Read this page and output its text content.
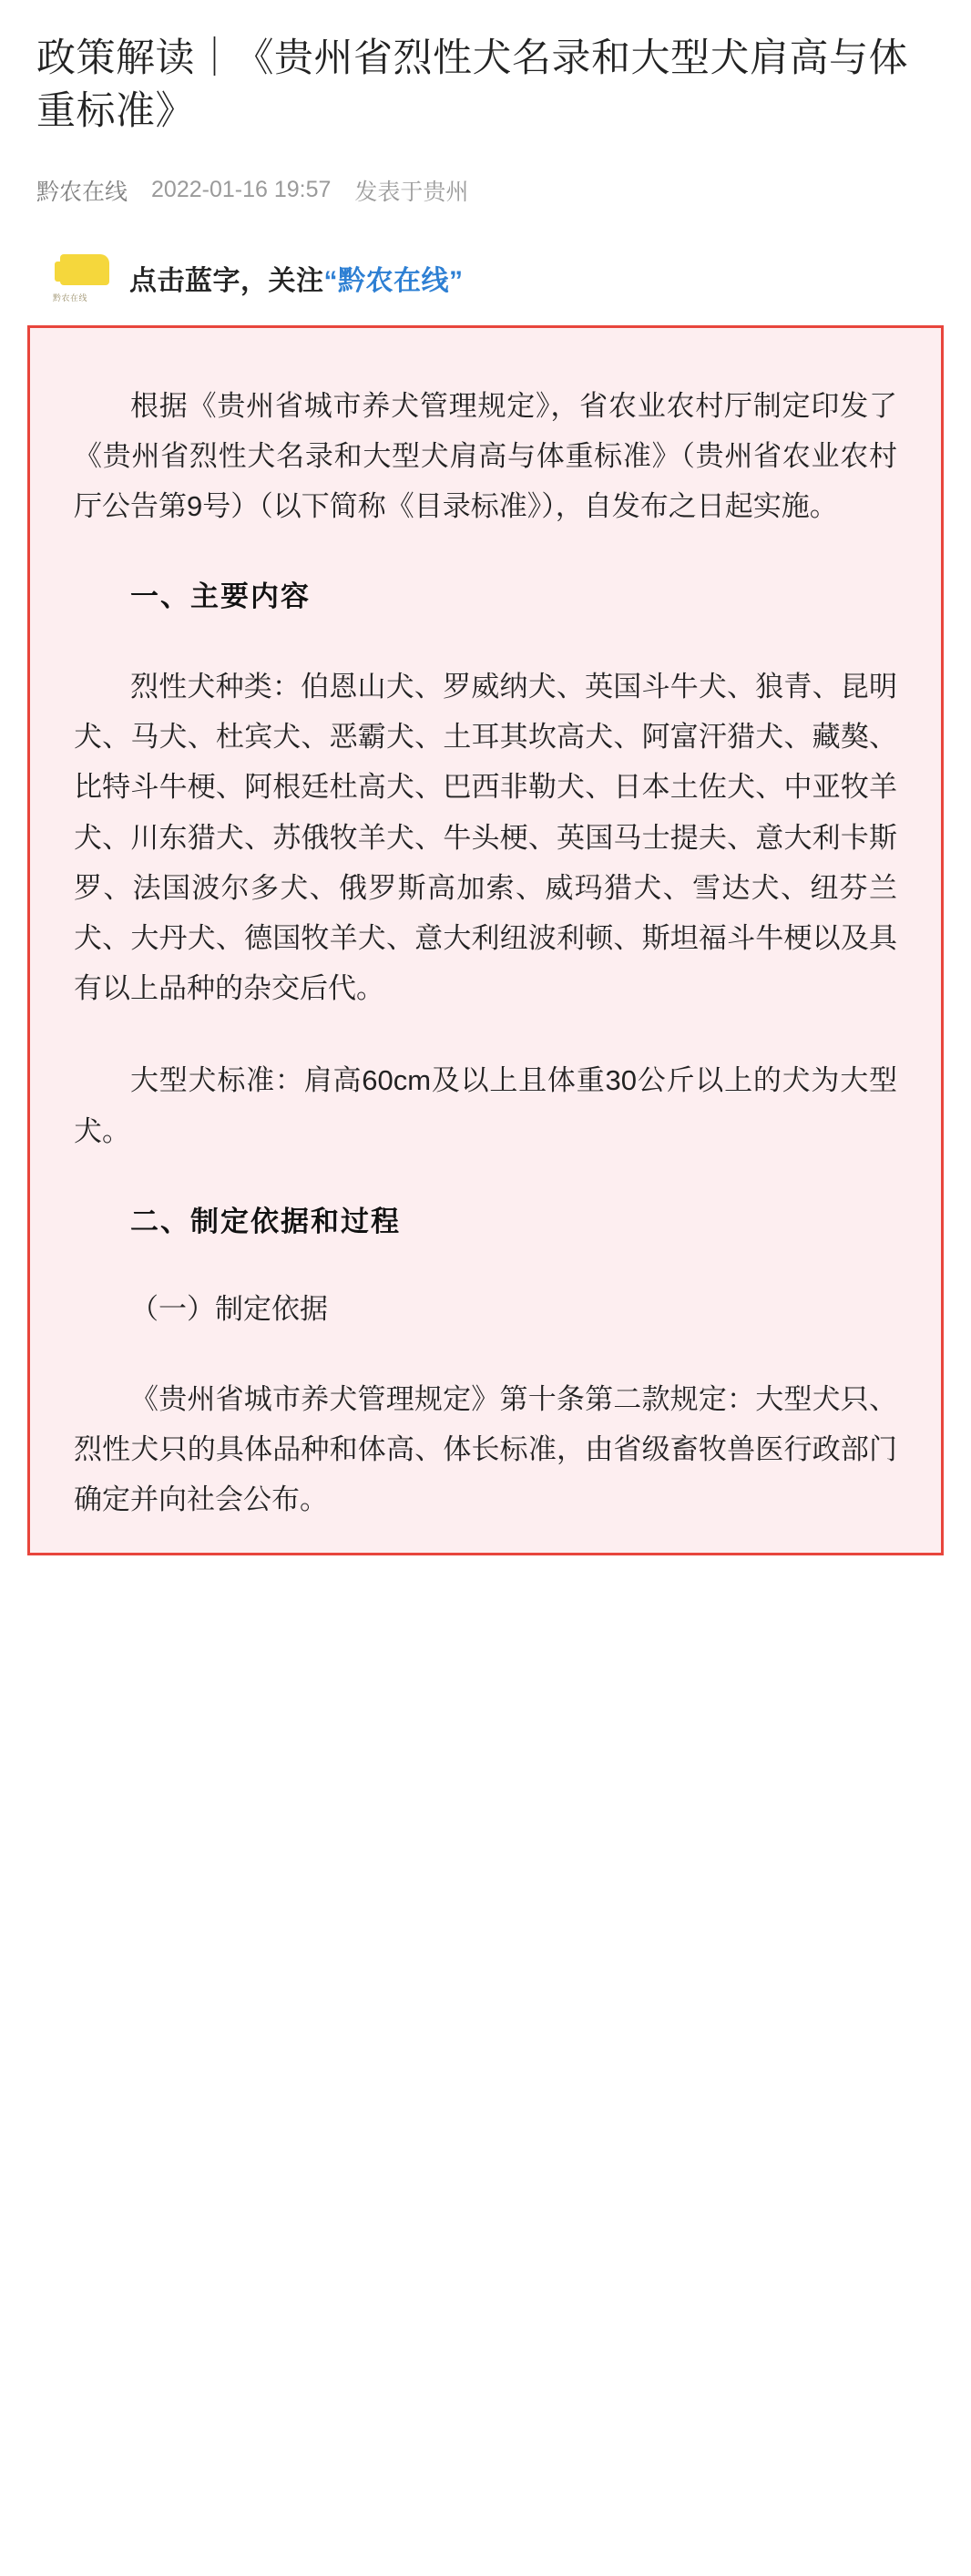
政策解读｜《贵州省烈性犬名录和大型犬肩高与体重标准》
黔农在线 2022-01-16 19:57 发表于贵州
黔农在线
点击蓝字，关注“黔农在线”

根据《贵州省城市养犬管理规定》，省农业农村厅制定印发了《贵州省烈性犬名录和大型犬肩高与体重标准》（贵州省农业农村厅公告第9号）（以下简称《目录标准》），自发布之日起实施。

一、主要内容

烈性犬种类：伯恩山犬、罗威纳犬、英国斗牛犬、狼青、昆明犬、马犬、杜宾犬、恶霸犬、土耳其坎高犬、阿富汗猎犬、藏獒、比特斗牛梗、阿根廷杜高犬、巴西非勒犬、日本土佐犬、中亚牧羊犬、川东猎犬、苏俄牧羊犬、牛头梗、英国马士提夫、意大利卡斯罗、法国波尔多犬、俄罗斯高加索、威玛猎犬、雪达犬、纽芬兰犬、大丹犬、德国牧羊犬、意大利纽波利顿、斯坦福斗牛梗以及具有以上品种的杂交后代。

大型犬标准：肩高60cm及以上且体重30公斤以上的犬为大型犬。

二、制定依据和过程
（一）制定依据

《贵州省城市养犬管理规定》第十条第二款规定：大型犬只、烈性犬只的具体品种和体高、体长标准，由省级畜牧兽医行政部门确定并向社会公布。
